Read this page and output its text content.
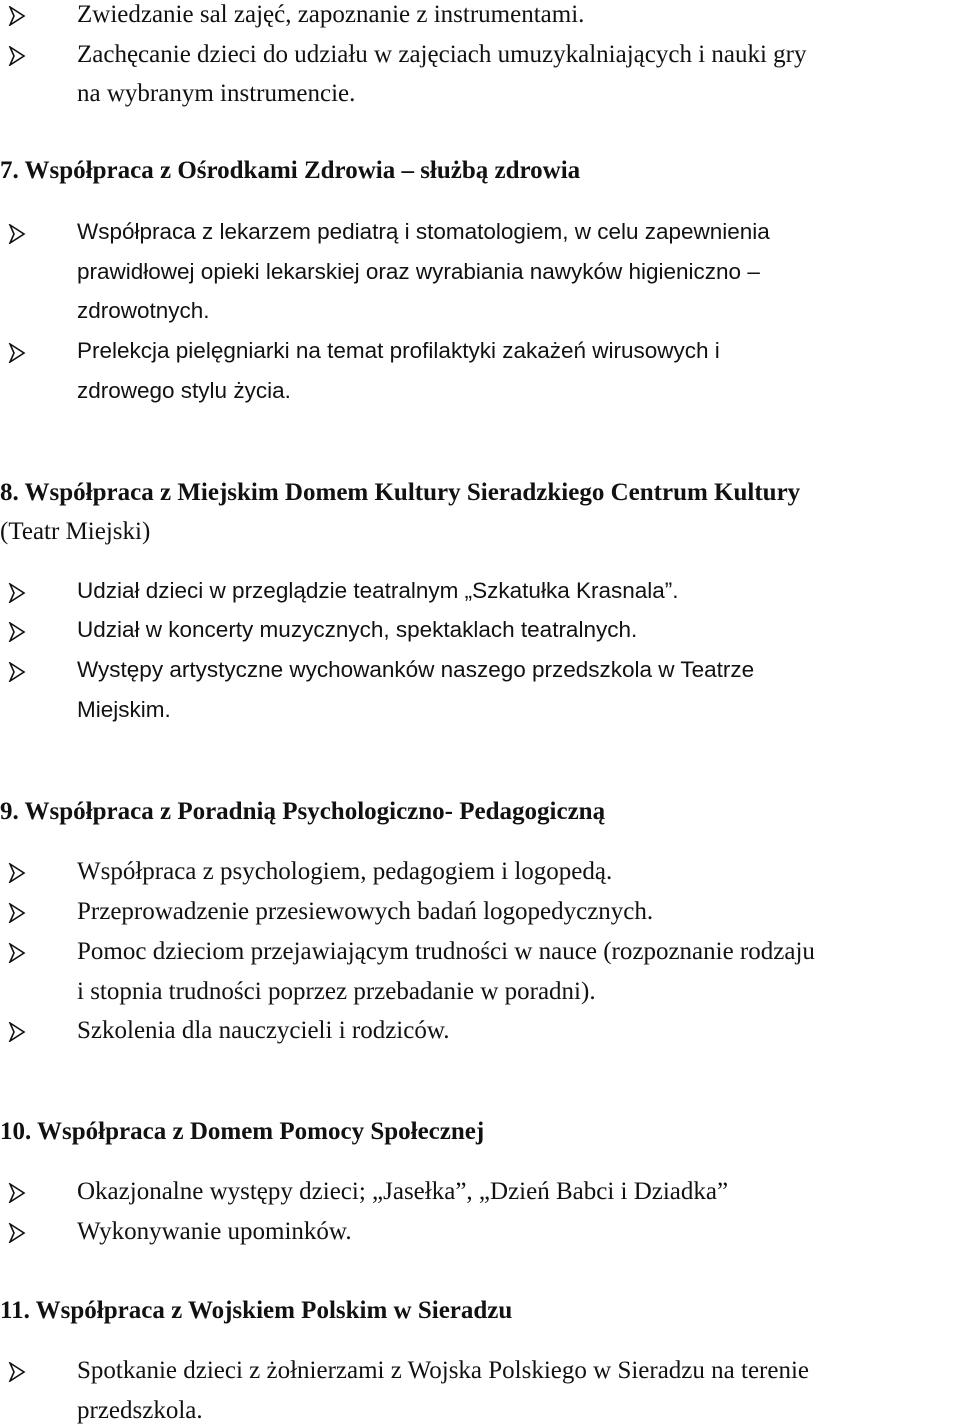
Zwiedzanie sal zajęć, zapoznanie z instrumentami.
Zachęcanie dzieci do udziału w zajęciach umuzykalniających i nauki gry
na wybranym instrumencie.
7. Współpraca z Ośrodkami Zdrowia – służbą zdrowia
Współpraca z lekarzem pediatrą i stomatologiem, w celu zapewnienia
prawidłowej opieki lekarskiej oraz wyrabiania nawyków higieniczno –
zdrowotnych.
Prelekcja pielęgniarki na temat profilaktyki zakażeń wirusowych i
zdrowego stylu życia.
8. Współpraca z Miejskim Domem Kultury Sieradzkiego Centrum Kultury
(Teatr Miejski)
Udział dzieci w przeglądzie teatralnym „Szkatułka Krasnala”.
Udział w koncerty muzycznych, spektaklach teatralnych.
Występy artystyczne wychowanków naszego przedszkola w Teatrze
Miejskim.
9. Współpraca z Poradnią Psychologiczno- Pedagogiczną
Współpraca z psychologiem, pedagogiem i logopedą.
Przeprowadzenie przesiewowych badań logopedycznych.
Pomoc dzieciom przejawiającym trudności w nauce (rozpoznanie rodzaju
i stopnia trudności poprzez przebadanie w poradni).
Szkolenia dla nauczycieli i rodziców.
10. Współpraca z Domem Pomocy Społecznej
Okazjonalne występy dzieci; „Jasełka”, „Dzień Babci i Dziadka”
Wykonywanie upominków.
11. Współpraca z Wojskiem Polskim w Sieradzu
Spotkanie dzieci z żołnierzami z Wojska Polskiego w Sieradzu na terenie
przedszkola.
